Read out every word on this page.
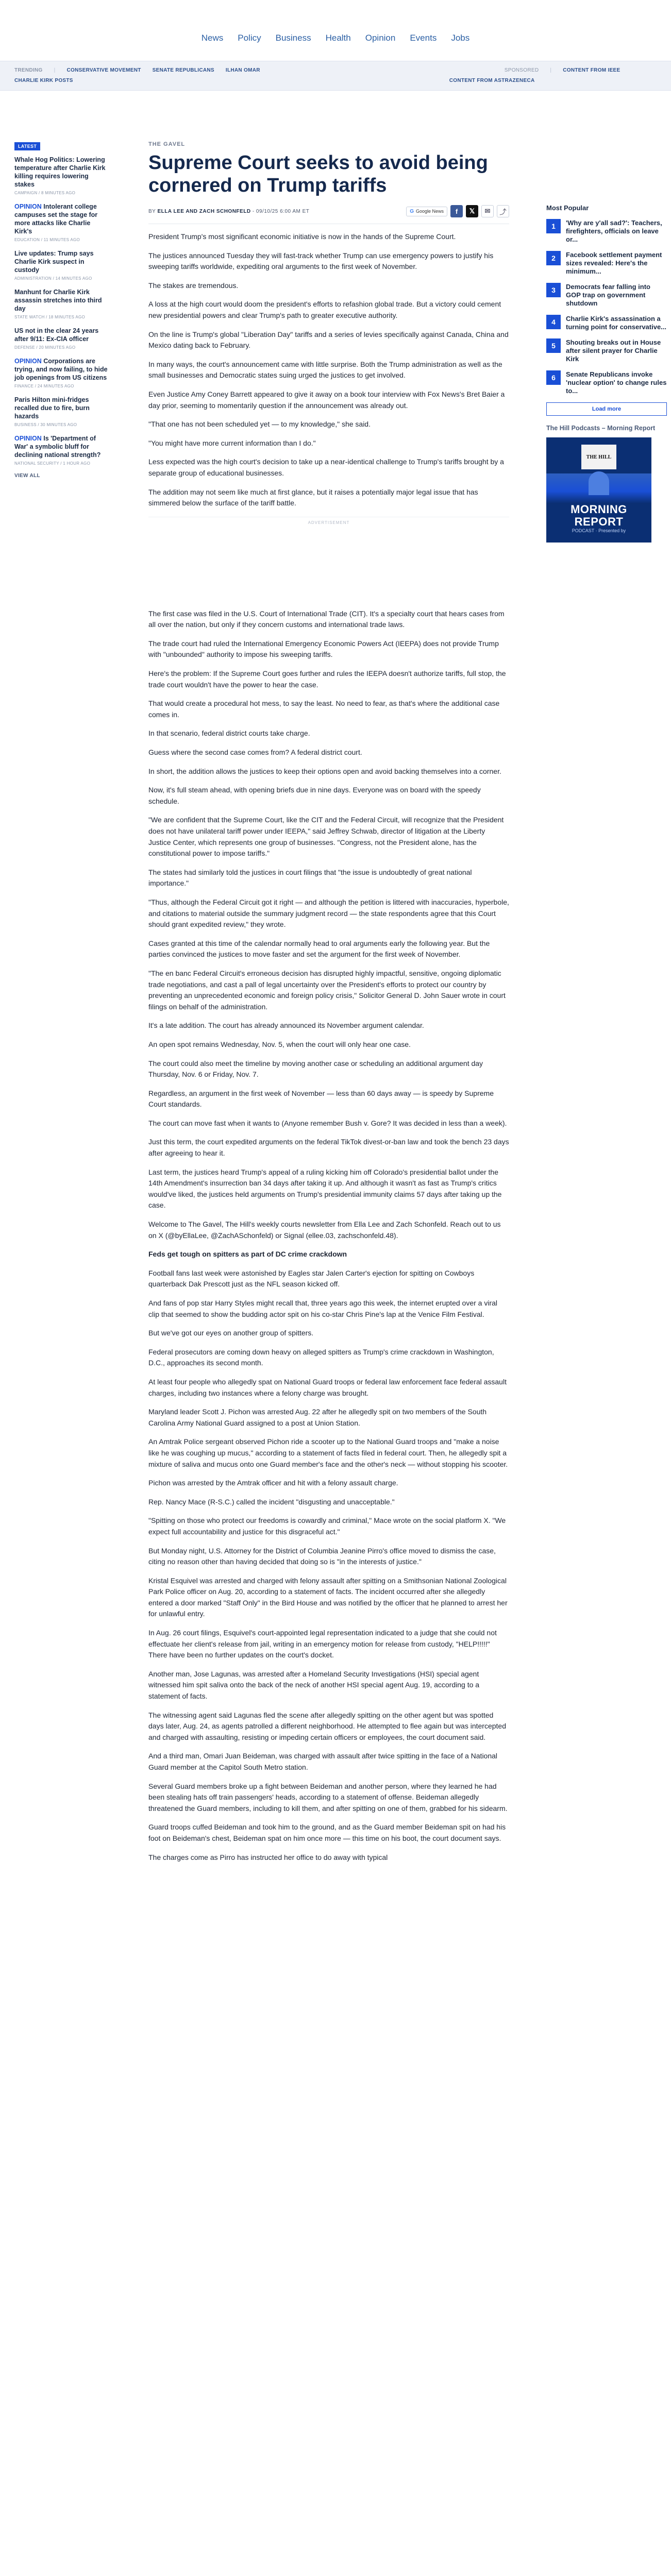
News Policy Business Health Opinion Events Jobs
TRENDING | CONSERVATIVE MOVEMENT SENATE REPUBLICANS ILHAN OMAR	SPONSORED | CONTENT FROM IEEE
CHARLIE KIRK POSTS	CONTENT FROM ASTRAZENECA
LATEST
Whale Hog Politics: Lowering temperature after Charlie Kirk killing requires lowering stakes
CAMPAIGN / 8 MINUTES AGO
OPINION Intolerant college campuses set the stage for more attacks like Charlie Kirk's
EDUCATION / 11 MINUTES AGO
Live updates: Trump says Charlie Kirk suspect in custody
ADMINISTRATION / 14 MINUTES AGO
Manhunt for Charlie Kirk assassin stretches into third day
STATE WATCH / 18 MINUTES AGO
US not in the clear 24 years after 9/11: Ex-CIA officer
DEFENSE / 20 MINUTES AGO
OPINION Corporations are trying, and now failing, to hide job openings from US citizens
FINANCE / 24 MINUTES AGO
Paris Hilton mini-fridges recalled due to fire, burn hazards
BUSINESS / 30 MINUTES AGO
OPINION Is 'Department of War' a symbolic bluff for declining national strength?
NATIONAL SECURITY / 1 HOUR AGO
VIEW ALL
THE GAVEL
Supreme Court seeks to avoid being cornered on Trump tariffs
BY ELLA LEE AND ZACH SCHONFELD - 09/10/25 6:00 AM ET	G Google News	f	𝕏	✉	⤴

President Trump's most significant economic initiative is now in the hands of the Supreme Court.

The justices announced Tuesday they will fast-track whether Trump can use emergency powers to justify his sweeping tariffs worldwide, expediting oral arguments to the first week of November.

The stakes are tremendous.

A loss at the high court would doom the president's efforts to refashion global trade. But a victory could cement new presidential powers and clear Trump's path to greater executive authority.

On the line is Trump's global "Liberation Day" tariffs and a series of levies specifically against Canada, China and Mexico dating back to February.

In many ways, the court's announcement came with little surprise. Both the Trump administration as well as the small businesses and Democratic states suing urged the justices to get involved.

Even Justice Amy Coney Barrett appeared to give it away on a book tour interview with Fox News's Bret Baier a day prior, seeming to momentarily question if the announcement was already out.

"That one has not been scheduled yet — to my knowledge," she said.

"You might have more current information than I do."

Less expected was the high court's decision to take up a near-identical challenge to Trump's tariffs brought by a separate group of educational businesses.

The addition may not seem like much at first glance, but it raises a potentially major legal issue that has simmered below the surface of the tariff battle.

ADVERTISEMENT

The first case was filed in the U.S. Court of International Trade (CIT). It's a specialty court that hears cases from all over the nation, but only if they concern customs and international trade laws.

The trade court had ruled the International Emergency Economic Powers Act (IEEPA) does not provide Trump with "unbounded" authority to impose his sweeping tariffs.

Here's the problem: If the Supreme Court goes further and rules the IEEPA doesn't authorize tariffs, full stop, the trade court wouldn't have the power to hear the case.

That would create a procedural hot mess, to say the least. No need to fear, as that's where the additional case comes in.

In that scenario, federal district courts take charge.

Guess where the second case comes from? A federal district court.

In short, the addition allows the justices to keep their options open and avoid backing themselves into a corner.

Now, it's full steam ahead, with opening briefs due in nine days. Everyone was on board with the speedy schedule.

"We are confident that the Supreme Court, like the CIT and the Federal Circuit, will recognize that the President does not have unilateral tariff power under IEEPA," said Jeffrey Schwab, director of litigation at the Liberty Justice Center, which represents one group of businesses. "Congress, not the President alone, has the constitutional power to impose tariffs."

The states had similarly told the justices in court filings that "the issue is undoubtedly of great national importance."

"Thus, although the Federal Circuit got it right — and although the petition is littered with inaccuracies, hyperbole, and citations to material outside the summary judgment record — the state respondents agree that this Court should grant expedited review," they wrote.

Cases granted at this time of the calendar normally head to oral arguments early the following year. But the parties convinced the justices to move faster and set the argument for the first week of November.

"The en banc Federal Circuit's erroneous decision has disrupted highly impactful, sensitive, ongoing diplomatic trade negotiations, and cast a pall of legal uncertainty over the President's efforts to protect our country by preventing an unprecedented economic and foreign policy crisis," Solicitor General D. John Sauer wrote in court filings on behalf of the administration.

It's a late addition. The court has already announced its November argument calendar.

An open spot remains Wednesday, Nov. 5, when the court will only hear one case.

The court could also meet the timeline by moving another case or scheduling an additional argument day Thursday, Nov. 6 or Friday, Nov. 7.

Regardless, an argument in the first week of November — less than 60 days away — is speedy by Supreme Court standards.

The court can move fast when it wants to (Anyone remember Bush v. Gore? It was decided in less than a week).

Just this term, the court expedited arguments on the federal TikTok divest-or-ban law and took the bench 23 days after agreeing to hear it.

Last term, the justices heard Trump's appeal of a ruling kicking him off Colorado's presidential ballot under the 14th Amendment's insurrection ban 34 days after taking it up. And although it wasn't as fast as Trump's critics would've liked, the justices held arguments on Trump's presidential immunity claims 57 days after taking up the case.

Welcome to The Gavel, The Hill's weekly courts newsletter from Ella Lee and Zach Schonfeld. Reach out to us on X (@byEllaLee, @ZachASchonfeld) or Signal (ellee.03, zachschonfeld.48).

Feds get tough on spitters as part of DC crime crackdown

Football fans last week were astonished by Eagles star Jalen Carter's ejection for spitting on Cowboys quarterback Dak Prescott just as the NFL season kicked off.

And fans of pop star Harry Styles might recall that, three years ago this week, the internet erupted over a viral clip that seemed to show the budding actor spit on his co-star Chris Pine's lap at the Venice Film Festival.

But we've got our eyes on another group of spitters.

Federal prosecutors are coming down heavy on alleged spitters as Trump's crime crackdown in Washington, D.C., approaches its second month.

At least four people who allegedly spat on National Guard troops or federal law enforcement face federal assault charges, including two instances where a felony charge was brought.

Maryland leader Scott J. Pichon was arrested Aug. 22 after he allegedly spit on two members of the South Carolina Army National Guard assigned to a post at Union Station.

An Amtrak Police sergeant observed Pichon ride a scooter up to the National Guard troops and "make a noise like he was coughing up mucus," according to a statement of facts filed in federal court. Then, he allegedly spit a mixture of saliva and mucus onto one Guard member's face and the other's neck — without stopping his scooter.

Pichon was arrested by the Amtrak officer and hit with a felony assault charge.

Rep. Nancy Mace (R-S.C.) called the incident "disgusting and unacceptable."

"Spitting on those who protect our freedoms is cowardly and criminal," Mace wrote on the social platform X. "We expect full accountability and justice for this disgraceful act."

But Monday night, U.S. Attorney for the District of Columbia Jeanine Pirro's office moved to dismiss the case, citing no reason other than having decided that doing so is "in the interests of justice."

Kristal Esquivel was arrested and charged with felony assault after spitting on a Smithsonian National Zoological Park Police officer on Aug. 20, according to a statement of facts. The incident occurred after she allegedly entered a door marked "Staff Only" in the Bird House and was notified by the officer that he planned to arrest her for unlawful entry.

In Aug. 26 court filings, Esquivel's court-appointed legal representation indicated to a judge that she could not effectuate her client's release from jail, writing in an emergency motion for release from custody, "HELP!!!!!" There have been no further updates on the court's docket.

Another man, Jose Lagunas, was arrested after a Homeland Security Investigations (HSI) special agent witnessed him spit saliva onto the back of the neck of another HSI special agent Aug. 19, according to a statement of facts.

The witnessing agent said Lagunas fled the scene after allegedly spitting on the other agent but was spotted days later, Aug. 24, as agents patrolled a different neighborhood. He attempted to flee again but was intercepted and charged with assaulting, resisting or impeding certain officers or employees, the court document said.

And a third man, Omari Juan Beideman, was charged with assault after twice spitting in the face of a National Guard member at the Capitol South Metro station.

Several Guard members broke up a fight between Beideman and another person, where they learned he had been stealing hats off train passengers' heads, according to a statement of offense. Beideman allegedly threatened the Guard members, including to kill them, and after spitting on one of them, grabbed for his sidearm.

Guard troops cuffed Beideman and took him to the ground, and as the Guard member Beideman spit on had his foot on Beideman's chest, Beideman spat on him once more — this time on his boot, the court document says.

The charges come as Pirro has instructed her office to do away with typical

Most Popular
1	'Why are y'all sad?': Teachers, firefighters, officials on leave or...
2	Facebook settlement payment sizes revealed: Here's the minimum...
3	Democrats fear falling into GOP trap on government shutdown
4	Charlie Kirk's assassination a turning point for conservative...
5	Shouting breaks out in House after silent prayer for Charlie Kirk
6	Senate Republicans invoke 'nuclear option' to change rules to...
Load more
The Hill Podcasts – Morning Report
THE HILL
MORNING
REPORT
PODCAST · Presented by
